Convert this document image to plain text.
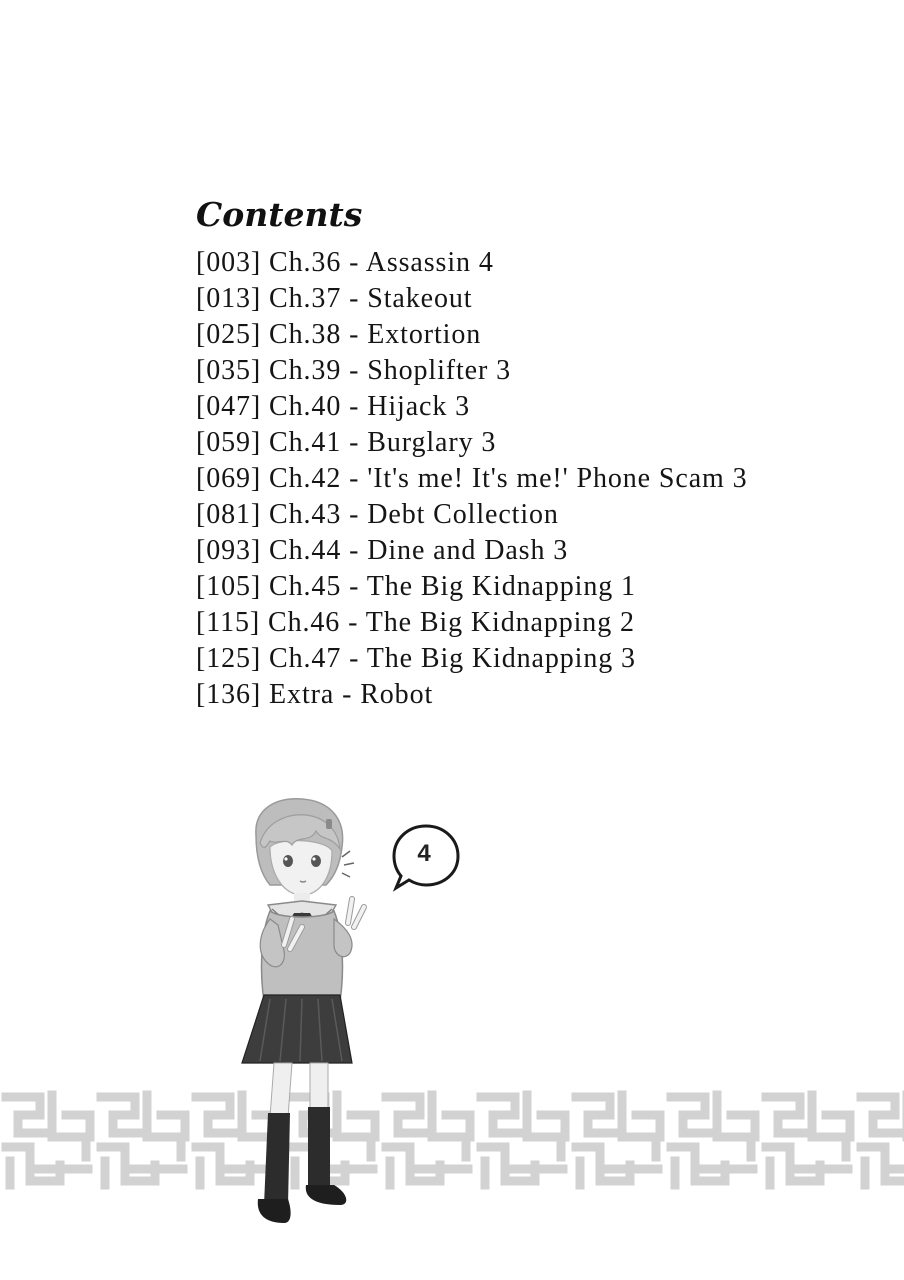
Contents
[003] Ch.36 - Assassin 4
[013] Ch.37 - Stakeout
[025] Ch.38 - Extortion
[035] Ch.39 - Shoplifter 3
[047] Ch.40 - Hijack 3
[059] Ch.41 - Burglary 3
[069] Ch.42 - 'It's me! It's me!' Phone Scam 3
[081] Ch.43 - Debt Collection
[093] Ch.44 - Dine and Dash 3
[105] Ch.45 - The Big Kidnapping 1
[115] Ch.46 - The Big Kidnapping 2
[125] Ch.47 - The Big Kidnapping 3
[136] Extra - Robot
4
